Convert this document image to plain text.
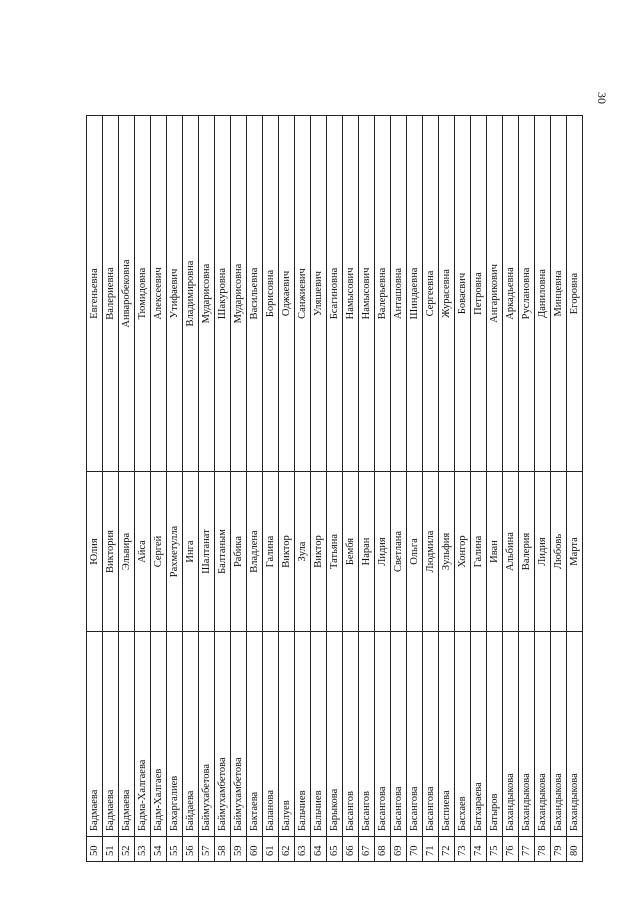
30
50	Бадмаева	Юлия	Евгеньевна
51	Бадмаева	Виктория	Валериевна
52	Бадмаева	Эльвира	Анваробековна
53	Бадма-Халгаева	Айса	Тюмидовна
54	Бадм-Халгаев	Сергей	Алексеевич
55	Бахаргалиев	Рахметулла	Утифаевич
56	Байдаева	Инга	Владимировна
57	Баймухабетова	Шалтанат	Мударисовна
58	Баймухамбетова	Балтаным	Шакуровна
59	Баймухамбетова	Рабика	Мударисовна
60	Бактаева	Владлена	Васильевна
61	Баланова	Галина	Борисовна
62	Балуев	Виктор	Оджаевич
63	Бальчиев	Зула	Санжиевич
64	Бальчиев	Виктор	Уляшевич
65	Барыкова	Татьяна	Бсагиновна
66	Басангов	Бембя	Намысович
67	Басангов	Наран	Намысович
68	Басангова	Лидия	Валерьевна
69	Басангова	Светлана	Анташовна
70	Басангова	Ольга	Шиндаевна
71	Басангова	Людмила	Сергеевна
72	Баспиева	Зульфия	Журасевна
73	Басхаев	Хонгор	Бовасвич
74	Батхараева	Галина	Петровна
75	Батыров	Иван	Ангарикович
76	Бахандыкова	Альбина	Аркадьевна
77	Бахандыкова	Валерия	Руслановна
78	Бахандыкова	Лидия	Даниловна
79	Бахандыкова	Любовь	Минцевна
80	Бахандыкова	Марта	Егоровна
